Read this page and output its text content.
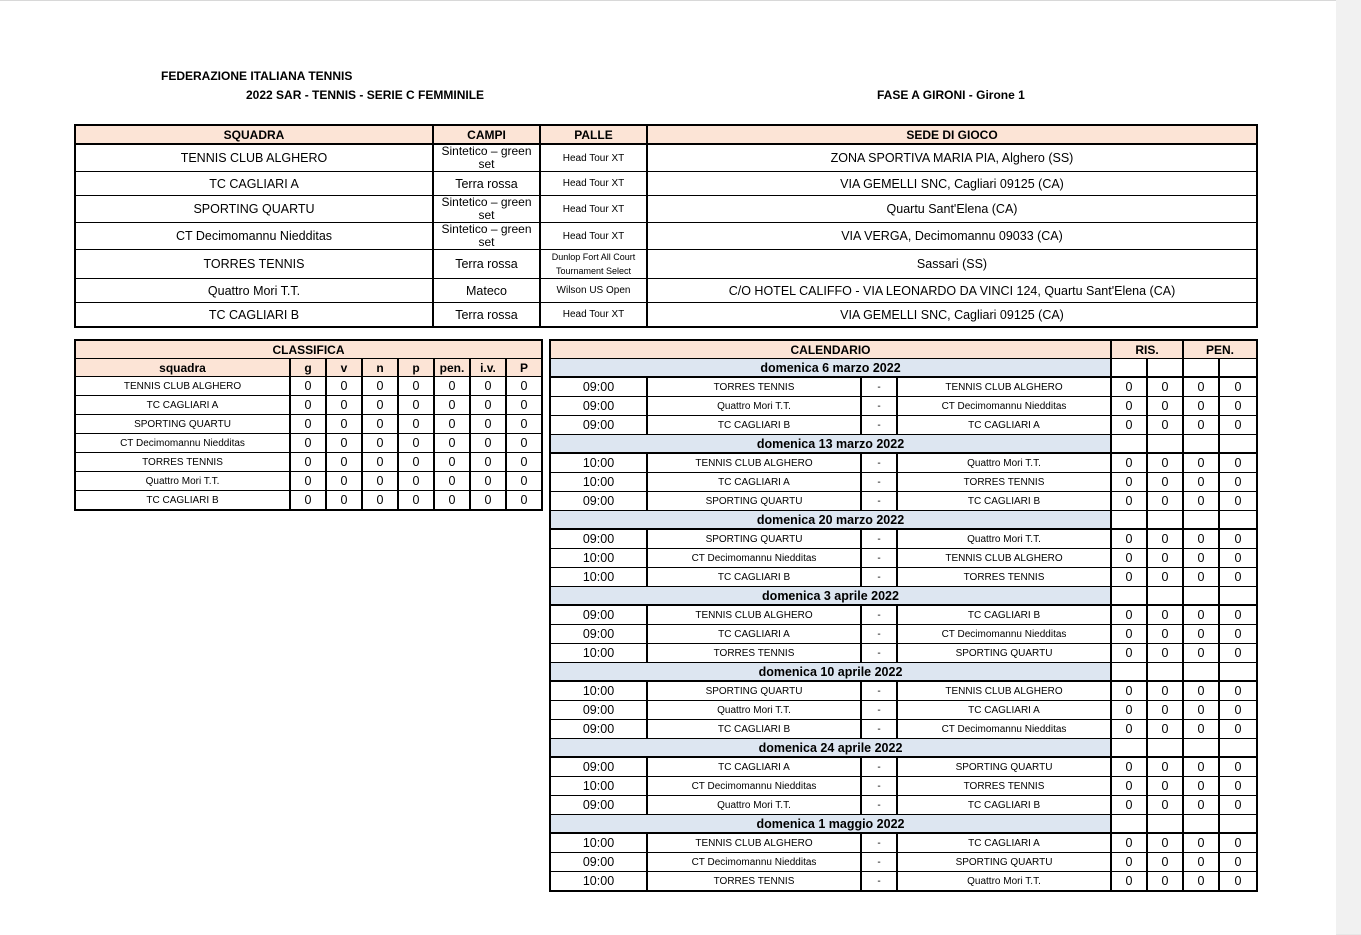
FEDERAZIONE ITALIANA TENNIS
2022 SAR - TENNIS - SERIE C FEMMINILE	FASE A GIRONI - Girone 1
SQUADRA	CAMPI	PALLE	SEDE DI GIOCO
TENNIS CLUB ALGHERO	Sintetico – green set	Head Tour XT	ZONA SPORTIVA MARIA PIA, Alghero (SS)
TC CAGLIARI A	Terra rossa	Head Tour XT	VIA GEMELLI SNC, Cagliari 09125 (CA)
SPORTING QUARTU	Sintetico – green set	Head Tour XT	Quartu Sant'Elena (CA)
CT Decimomannu Niedditas	Sintetico – green set	Head Tour XT	VIA VERGA, Decimomannu 09033 (CA)
TORRES TENNIS	Terra rossa	Dunlop Fort All Court Tournament Select	Sassari (SS)
Quattro Mori T.T.	Mateco	Wilson US Open	C/O HOTEL CALIFFO - VIA LEONARDO DA VINCI 124, Quartu Sant'Elena (CA)
TC CAGLIARI B	Terra rossa	Head Tour XT	VIA GEMELLI SNC, Cagliari 09125 (CA)
CLASSIFICA							
squadra	g	v	n	p	pen.	i.v.	P
TENNIS CLUB ALGHERO	0	0	0	0	0	0	0
TC CAGLIARI A	0	0	0	0	0	0	0
SPORTING QUARTU	0	0	0	0	0	0	0
CT Decimomannu Niedditas	0	0	0	0	0	0	0
TORRES TENNIS	0	0	0	0	0	0	0
Quattro Mori T.T.	0	0	0	0	0	0	0
TC CAGLIARI B	0	0	0	0	0	0	0
CALENDARIO				RIS.		PEN.	
domenica 6 marzo 2022							
09:00	TORRES TENNIS	-	TENNIS CLUB ALGHERO	0	0	0	0
09:00	Quattro Mori T.T.	-	CT Decimomannu Niedditas	0	0	0	0
09:00	TC CAGLIARI B	-	TC CAGLIARI A	0	0	0	0
domenica 13 marzo 2022							
10:00	TENNIS CLUB ALGHERO	-	Quattro Mori T.T.	0	0	0	0
10:00	TC CAGLIARI A	-	TORRES TENNIS	0	0	0	0
09:00	SPORTING QUARTU	-	TC CAGLIARI B	0	0	0	0
domenica 20 marzo 2022							
09:00	SPORTING QUARTU	-	Quattro Mori T.T.	0	0	0	0
10:00	CT Decimomannu Niedditas	-	TENNIS CLUB ALGHERO	0	0	0	0
10:00	TC CAGLIARI B	-	TORRES TENNIS	0	0	0	0
domenica 3 aprile 2022							
09:00	TENNIS CLUB ALGHERO	-	TC CAGLIARI B	0	0	0	0
09:00	TC CAGLIARI A	-	CT Decimomannu Niedditas	0	0	0	0
10:00	TORRES TENNIS	-	SPORTING QUARTU	0	0	0	0
domenica 10 aprile 2022							
10:00	SPORTING QUARTU	-	TENNIS CLUB ALGHERO	0	0	0	0
09:00	Quattro Mori T.T.	-	TC CAGLIARI A	0	0	0	0
09:00	TC CAGLIARI B	-	CT Decimomannu Niedditas	0	0	0	0
domenica 24 aprile 2022							
09:00	TC CAGLIARI A	-	SPORTING QUARTU	0	0	0	0
10:00	CT Decimomannu Niedditas	-	TORRES TENNIS	0	0	0	0
09:00	Quattro Mori T.T.	-	TC CAGLIARI B	0	0	0	0
domenica 1 maggio 2022							
10:00	TENNIS CLUB ALGHERO	-	TC CAGLIARI A	0	0	0	0
09:00	CT Decimomannu Niedditas	-	SPORTING QUARTU	0	0	0	0
10:00	TORRES TENNIS	-	Quattro Mori T.T.	0	0	0	0
